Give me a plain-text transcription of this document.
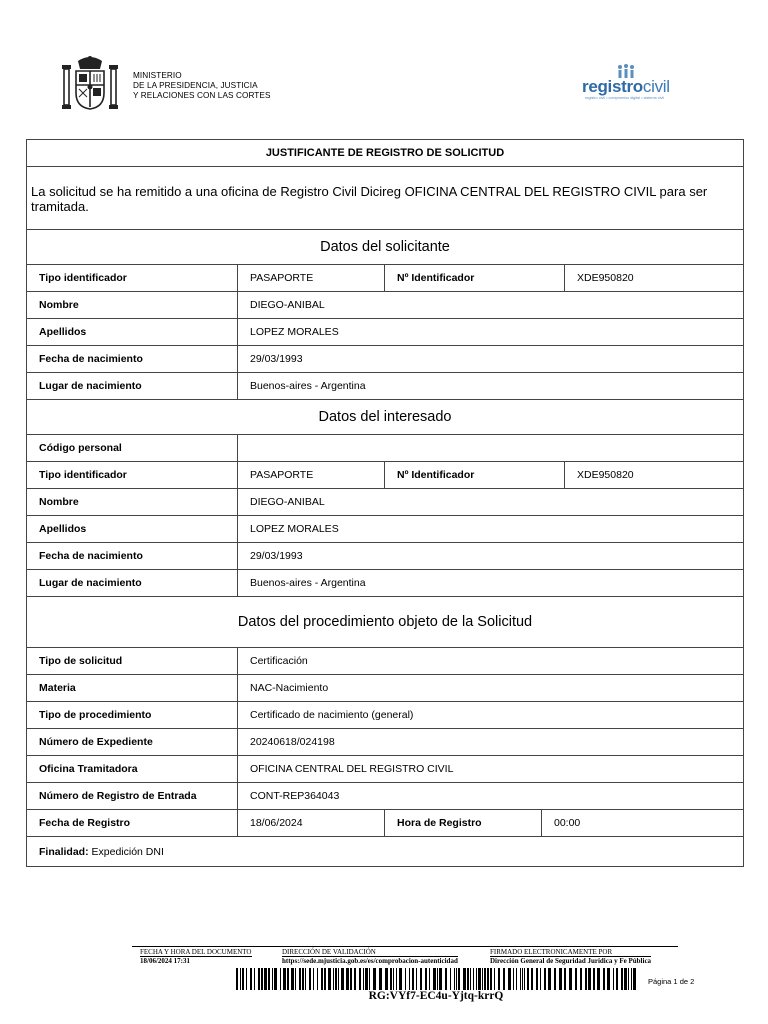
MINISTERIO
DE LA PRESIDENCIA, JUSTICIA
Y RELACIONES CON LAS CORTES	registrocivil
registro civil • compromiso digital • sistema civil
JUSTIFICANTE DE REGISTRO DE SOLICITUD
La solicitud se ha remitido a una oficina de Registro Civil Dicireg OFICINA CENTRAL DEL REGISTRO CIVIL para ser tramitada.
Datos del solicitante
Tipo identificador	PASAPORTE	Nº Identificador	XDE950820
Nombre	DIEGO-ANIBAL
Apellidos	LOPEZ MORALES
Fecha de nacimiento	29/03/1993
Lugar de nacimiento	Buenos-aires - Argentina
Datos del interesado
Código personal
Tipo identificador	PASAPORTE	Nº Identificador	XDE950820
Nombre	DIEGO-ANIBAL
Apellidos	LOPEZ MORALES
Fecha de nacimiento	29/03/1993
Lugar de nacimiento	Buenos-aires - Argentina
Datos del procedimiento objeto de la Solicitud
Tipo de solicitud	Certificación
Materia	NAC-Nacimiento
Tipo de procedimiento	Certificado de nacimiento (general)
Número de Expediente	20240618/024198
Oficina Tramitadora	OFICINA CENTRAL DEL REGISTRO CIVIL
Número de Registro de Entrada	CONT-REP364043
Fecha de Registro	18/06/2024	Hora de Registro	00:00
Finalidad: Expedición DNI
FECHA Y HORA DEL DOCUMENTO
18/06/2024 17:31
DIRECCIÓN DE VALIDACIÓN
https://sede.mjusticia.gob.es/es/comprobacion-autenticidad
FIRMADO ELECTRONICAMENTE POR
Dirección General de Seguridad Jurídica y Fe Pública
RG:VYf7-EC4u-Yjtq-krrQ
Página 1 de 2
